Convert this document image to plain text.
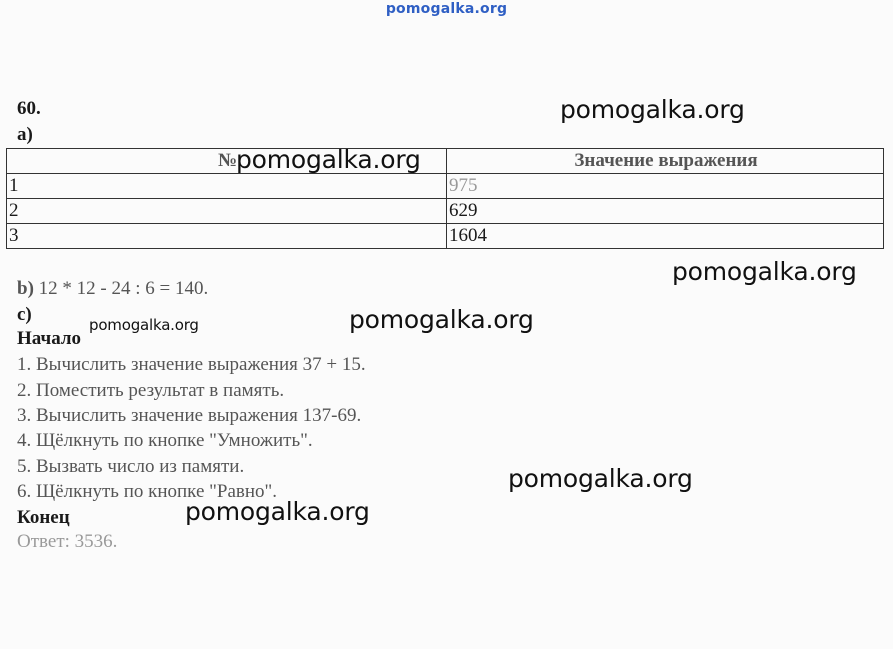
pomogalka.org
60.
a)
№	Значение выражения
1	975
2	629
3	1604
b) 12 * 12 - 24 : 6 = 140.
c)
Начало
1. Вычислить значение выражения 37 + 15.
2. Поместить результат в память.
3. Вычислить значение выражения 137-69.
4. Щёлкнуть по кнопке "Умножить".
5. Вызвать число из памяти.
6. Щёлкнуть по кнопке "Равно".
Конец
Ответ: 3536.
pomogalka.org
pomogalka.org
pomogalka.org
pomogalka.org	pomogalka.org
pomogalka.org
pomogalka.org
